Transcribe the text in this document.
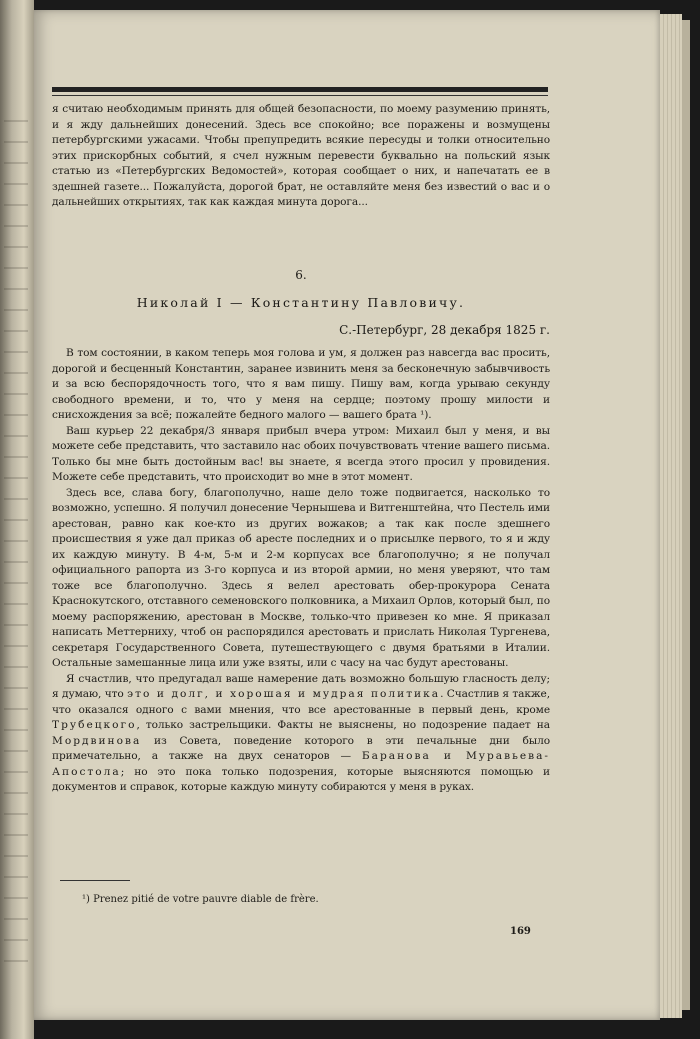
я считаю необходимым принять для общей безопасности, по моему разумению принять, и я жду дальнейших донесений. Здесь все спокойно; все поражены и возмущены петербургскими ужасами. Чтобы препупредить всякие пересуды и толки относительно этих прискорбных событий, я счел нужным перевести буквально на польский язык статью из «Петербургских Ведомостей», которая сообщает о них, и напечатать ее в здешней газете... Пожалуйста, дорогой брат, не оставляйте меня без известий о вас и о дальнейших открытиях, так как каждая минута дорога...

6.
Николай I — Константину Павловичу.
С.-Петербург, 28 декабря 1825 г.

В том состоянии, в каком теперь моя голова и ум, я должен раз навсегда вас просить, дорогой и бесценный Константин, заранее извинить меня за бесконечную забывчивость и за всю беспорядочность того, что я вам пишу. Пишу вам, когда урываю секунду свободного времени, и то, что у меня на сердце; поэтому прошу милости и снисхождения за всё; пожалейте бедного малого — вашего брата ¹).

Ваш курьер 22 декабря/3 января прибыл вчера утром: Михаил был у меня, и вы можете себе представить, что заставило нас обоих почувствовать чтение вашего письма. Только бы мне быть достойным вас! вы знаете, я всегда этого просил у провидения. Можете себе представить, что происходит во мне в этот момент.

Здесь все, слава богу, благополучно, наше дело тоже подвигается, насколько то возможно, успешно. Я получил донесение Чернышева и Витгенштейна, что Пестель ими арестован, равно как кое-кто из других вожаков; а так как после здешнего происшествия я уже дал приказ об аресте последних и о присылке первого, то я и жду их каждую минуту. В 4-м, 5-м и 2-м корпусах все благополучно; я не получал официального рапорта из 3-го корпуса и из второй армии, но меня уверяют, что там тоже все благополучно. Здесь я велел арестовать обер-прокурора Сената Краснокутского, отставного семеновского полковника, а Михаил Орлов, который был, по моему распоряжению, арестован в Москве, только-что привезен ко мне. Я приказал написать Меттерниху, чтоб он распорядился арестовать и прислать Николая Тургенева, секретаря Государственного Совета, путешествующего с двумя братьями в Италии. Остальные замешанные лица или уже взяты, или с часу на час будут арестованы.

Я счастлив, что предугадал ваше намерение дать возможно большую гласность делу; я думаю, что это и долг, и хорошая и мудрая политика. Счастлив я также, что оказался одного с вами мнения, что все арестованные в первый день, кроме Трубецкого, только застрельщики. Факты не выяснены, но подозрение падает на Мордвинова из Совета, поведение которого в эти печальные дни было примечательно, а также на двух сенаторов — Баранова и Муравьева-Апостола; но это пока только подозрения, которые выясняются помощью и документов и справок, которые каждую минуту собираются у меня в руках.

¹) Prenez pitié de votre pauvre diable de frère.
169
